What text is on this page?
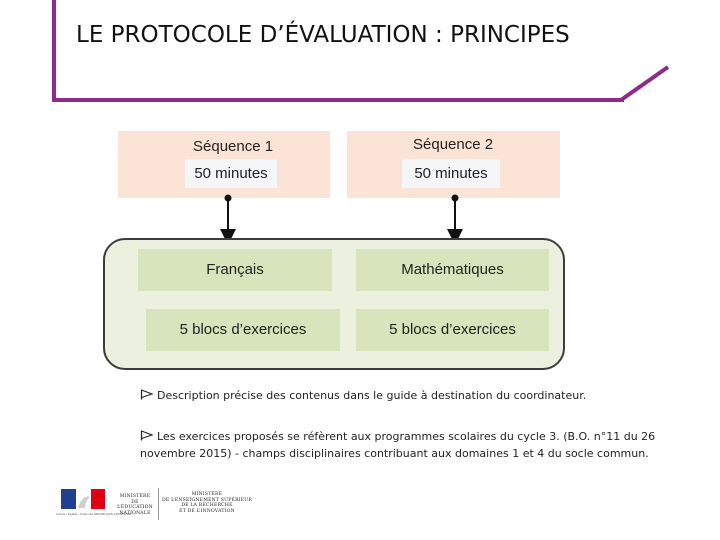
LE PROTOCOLE D’ÉVALUATION : PRINCIPES
Séquence 1	Séquence 2
50 minutes	50 minutes
Français	Mathématiques
5 blocs d’exercices	5 blocs d’exercices
Description précise des contenus dans le guide à destination du coordinateur.
Les exercices proposés se réfèrent aux programmes scolaires du cycle 3. (B.O. n°11 du 26 novembre 2015) - champs disciplinaires contribuant aux domaines 1 et 4 du socle commun.
Liberté • Égalité • Fraternité RÉPUBLIQUE FRANÇAISE
MINISTÈRE
DE L’ÉDUCATION
NATIONALE
MINISTÈRE
DE L’ENSEIGNEMENT SUPÉRIEUR
DE LA RECHERCHE
ET DE L’INNOVATION
